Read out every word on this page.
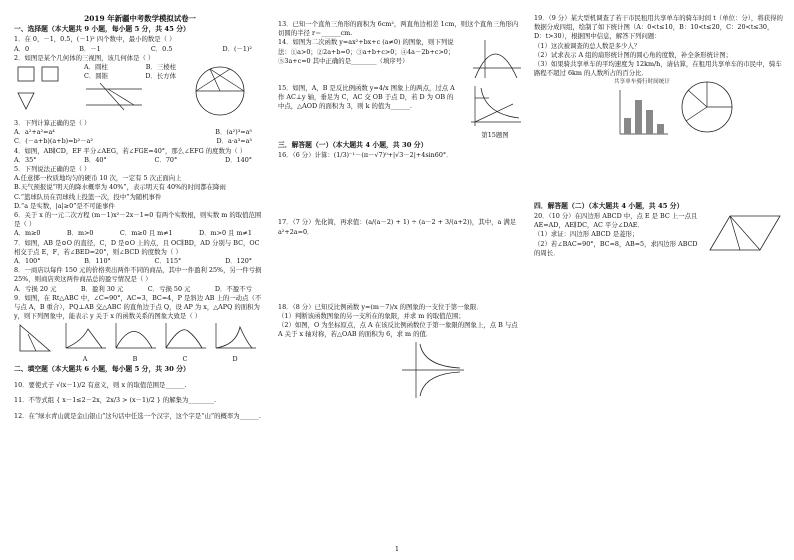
2019 年新疆中考数学模拟试卷一
一、选择题（本大题共 9 小题，每小题 5 分，共 45 分）

1．在 0，－1，0.5，(－1)² 四个数中，最小的数是（ ）

A．0	B．－1	C．0.5	D．(－1)²

2．如图是某个几何体的三视图，该几何体是（ ）

A．圆柱	B．三棱柱
C．圆锥	D．长方体

3．下列计算正确的是（ ）

A．a²+a²=a⁴	B．(a²)³=a⁵
C．(－a+b)(a+b)=b²－a²	D．a·a³=a³

4．如图，AB∥CD，EF 平分∠AEG，若∠FGE=40°，那么∠EFG 的度数为（ ）

A．35°	B．40°	C．70°	D．140°

5．下列说法正确的是（ ）

A.任意掷一枚质地均匀的硬币 10 次，一定有 5 次正面向上

B.天气预报说“明天的降水概率为 40%”，表示明天有 40%的时间都在降雨

C.“篮球队员在罚球线上投篮一次，投中”为随机事件

D.“a 是实数，|a|≥0”是不可能事件

6．关于 x 的一元二次方程 (m－1)x²－2x－1=0 有两个实数根，则实数 m 的取值范围是（ ）

A．m≥0	B．m>0	C．m≥0 且 m≠1	D．m>0 且 m≠1

7．如图，AB 是⊙O 的直径，C，D 是⊙O 上的点，且 OC∥BD，AD 分别与 BC，OC 相交于点 E，F，若∠BED=20°，则∠BCD 的度数为（ ）

A．100°	B．110°	C．115°	D．120°

8．一商店以每件 150 元的价格卖出两件不同的商品，其中一件盈利 25%，另一件亏损 25%，则商店卖这两件商品总的盈亏情况是（ ）

A．亏损 20 元	B．盈利 30 元	C．亏损 50 元	D．不盈不亏

9．如图，在 Rt△ABC 中，∠C=90°，AC=3，BC=4，P 是斜边 AB 上的一动点（不与点 A，B 重合），PQ⊥AB 交△ABC 的直角边于点 Q，设 AP 为 x，△APQ 的面积为 y，则下列图象中，能表示 y 关于 x 的函数关系的图象大致是（ ）

A	B	C	D
二、填空题（本大题共 6 小题，每小题 5 分，共 30 分）

10．要使式子 √(x－1)/2 有意义，则 x 的取值范围是______.

11．不等式组 { x－1≤2－2x，2x/3 > (x－1)/2 } 的解集为________.

12．在“绿水青山就是金山银山”这句话中任选一个汉字，这个字是“山”的概率为______.

13．已知一个直角三角形的面积为 6cm²，两直角边相差 1cm，则这个直角三角形内切圆的半径 r＝______cm.

14．如图为二次函数 y=ax²+bx+c (a≠0) 的图象，则下列说法：①a>0；②2a+b=0；③a+b+c>0；④4a－2b+c>0；⑤3a+c=0 其中正确的是________（填序号）

15．如图，A，B 是反比例函数 y=4/x 图象上的两点，过点 A 作 AC⊥y 轴，垂足为 C，AC 交 OB 于点 D，若 D 为 OB 的中点，△AOD 的面积为 3，则 k 的值为______.

第15题图
三．解答题（一）（本大题共 4 小题，共 30 分）

16．（6 分）计算：(1/3)⁻¹－(π－√7)⁰+|√3－2|+4sin60°．

17．（7 分）先化简，再求值：(a/(a－2) + 1) ÷ (a－2 + 3/(a+2))，其中，a 满足 a²+2a=0．

18．（8 分）已知反比例函数 y=(m－7)/x 的图象的一支位于第一象限．

（1）判断该函数图象的另一支所在的象限，并求 m 的取值范围；

（2）如图，O 为坐标原点，点 A 在该反比例函数位于第一象限的图象上，点 B 与点 A 关于 x 轴对称，若△OAB 的面积为 6，求 m 的值．

19．（9 分）某大型机调查了若干市民租用共享单车的骑车时间 t（单位：分），将获得的数据分成四组，绘制了如下统计图（A：0<t≤10，B：10<t≤20，C：20<t≤30，D：t>30），根据图中信息，解答下列问题：

（1）这次被调查的总人数是多少人？

（2）试求表示 A 组的扇形统计图的圆心角的度数，补全条形统计图；

（3）如果骑共享单车的平均速度为 12km/h，请估算，在租用共享单车的市民中，骑车路程不超过 6km 的人数所占的百分比．

共享单车骑行时间统计
四．解答题（二）（本大题共 4 小题，共 45 分）

20．（10 分）在四边形 ABCD 中，点 E 是 BC 上一点且 AE=AD，AE∥DC，AC 平分∠DAE．

（1）求证：四边形 ABCD 是菱形；

（2）若∠BAC=90°，BC=8，AB=5，求四边形 ABCD 的周长．

1
